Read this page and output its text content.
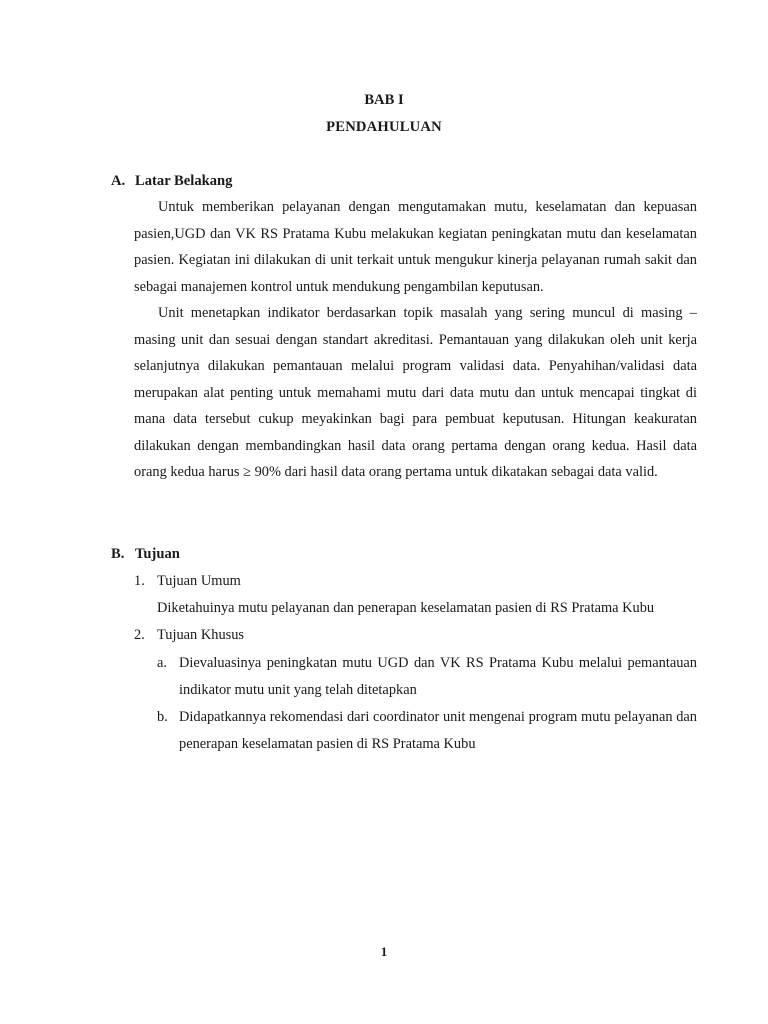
BAB I
PENDAHULUAN
A. Latar Belakang

Untuk memberikan pelayanan dengan mengutamakan mutu, keselamatan dan kepuasan pasien,UGD dan VK RS Pratama Kubu melakukan kegiatan peningkatan mutu dan keselamatan pasien. Kegiatan ini dilakukan di unit terkait untuk mengukur kinerja pelayanan rumah sakit dan sebagai manajemen kontrol untuk mendukung pengambilan keputusan.

Unit menetapkan indikator berdasarkan topik masalah yang sering muncul di masing – masing unit dan sesuai dengan standart akreditasi. Pemantauan yang dilakukan oleh unit kerja selanjutnya dilakukan pemantauan melalui program validasi data. Penyahihan/validasi data merupakan alat penting untuk memahami mutu dari data mutu dan untuk mencapai tingkat di mana data tersebut cukup meyakinkan bagi para pembuat keputusan. Hitungan keakuratan dilakukan dengan membandingkan hasil data orang pertama dengan orang kedua. Hasil data orang kedua harus ≥ 90% dari hasil data orang pertama untuk dikatakan sebagai data valid.

B. Tujuan
1. Tujuan Umum
Diketahuinya mutu pelayanan dan penerapan keselamatan pasien di RS Pratama Kubu
2. Tujuan Khusus
a. Dievaluasinya peningkatan mutu UGD dan VK RS Pratama Kubu melalui pemantauan indikator mutu unit yang telah ditetapkan
b. Didapatkannya rekomendasi dari coordinator unit mengenai program mutu pelayanan dan penerapan keselamatan pasien di RS Pratama Kubu
1
